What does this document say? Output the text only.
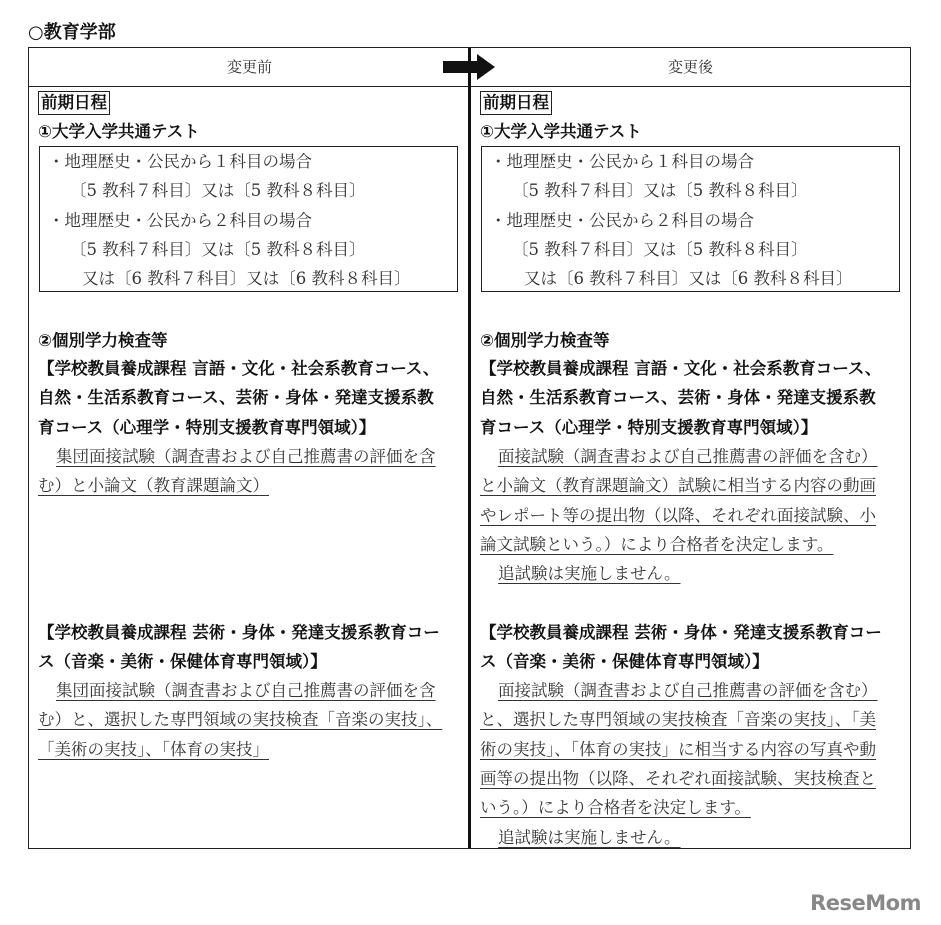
○教育学部
変更前	変更後
前期日程
①大学入学共通テスト
・地理歴史・公民から１科目の場合
〔5 教科７科目〕又は〔5 教科８科目〕
・地理歴史・公民から２科目の場合
〔5 教科７科目〕又は〔5 教科８科目〕
又は〔6 教科７科目〕又は〔6 教科８科目〕
②個別学力検査等
【学校教員養成課程 言語・文化・社会系教育コース、
自然・生活系教育コース、芸術・身体・発達支援系教
育コース（心理学・特別支援教育専門領域）】
集団面接試験（調査書および自己推薦書の評価を含
む）と小論文（教育課題論文）
【学校教員養成課程 芸術・身体・発達支援系教育コー
ス（音楽・美術・保健体育専門領域）】
集団面接試験（調査書および自己推薦書の評価を含
む）と、選択した専門領域の実技検査「音楽の実技」、
「美術の実技」、「体育の実技」
前期日程
①大学入学共通テスト
・地理歴史・公民から１科目の場合
〔5 教科７科目〕又は〔5 教科８科目〕
・地理歴史・公民から２科目の場合
〔5 教科７科目〕又は〔5 教科８科目〕
又は〔6 教科７科目〕又は〔6 教科８科目〕
②個別学力検査等
【学校教員養成課程 言語・文化・社会系教育コース、
自然・生活系教育コース、芸術・身体・発達支援系教
育コース（心理学・特別支援教育専門領域）】
面接試験（調査書および自己推薦書の評価を含む）
と小論文（教育課題論文）試験に相当する内容の動画
やレポート等の提出物（以降、それぞれ面接試験、小
論文試験という。）により合格者を決定します。
追試験は実施しません。
【学校教員養成課程 芸術・身体・発達支援系教育コー
ス（音楽・美術・保健体育専門領域）】
面接試験（調査書および自己推薦書の評価を含む）
と、選択した専門領域の実技検査「音楽の実技」、「美
術の実技」、「体育の実技」に相当する内容の写真や動
画等の提出物（以降、それぞれ面接試験、実技検査と
いう。）により合格者を決定します。
追試験は実施しません。
ReseMom
